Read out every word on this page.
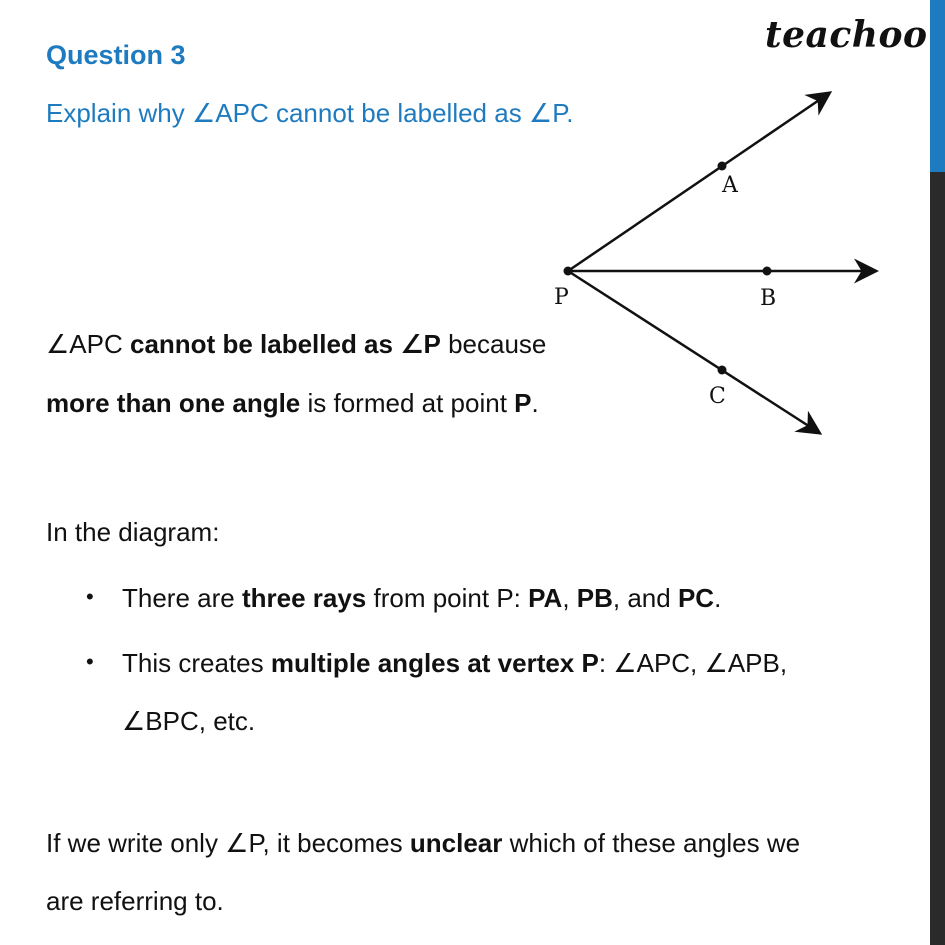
teachoo
Question 3
Explain why ∠APC cannot be labelled as ∠P.
A
P	B
C
∠APC cannot be labelled as ∠P because
more than one angle is formed at point P.
In the diagram:
• There are three rays from point P: PA, PB, and PC.
• This creates multiple angles at vertex P: ∠APC, ∠APB,
∠BPC, etc.
If we write only ∠P, it becomes unclear which of these angles we
are referring to.
